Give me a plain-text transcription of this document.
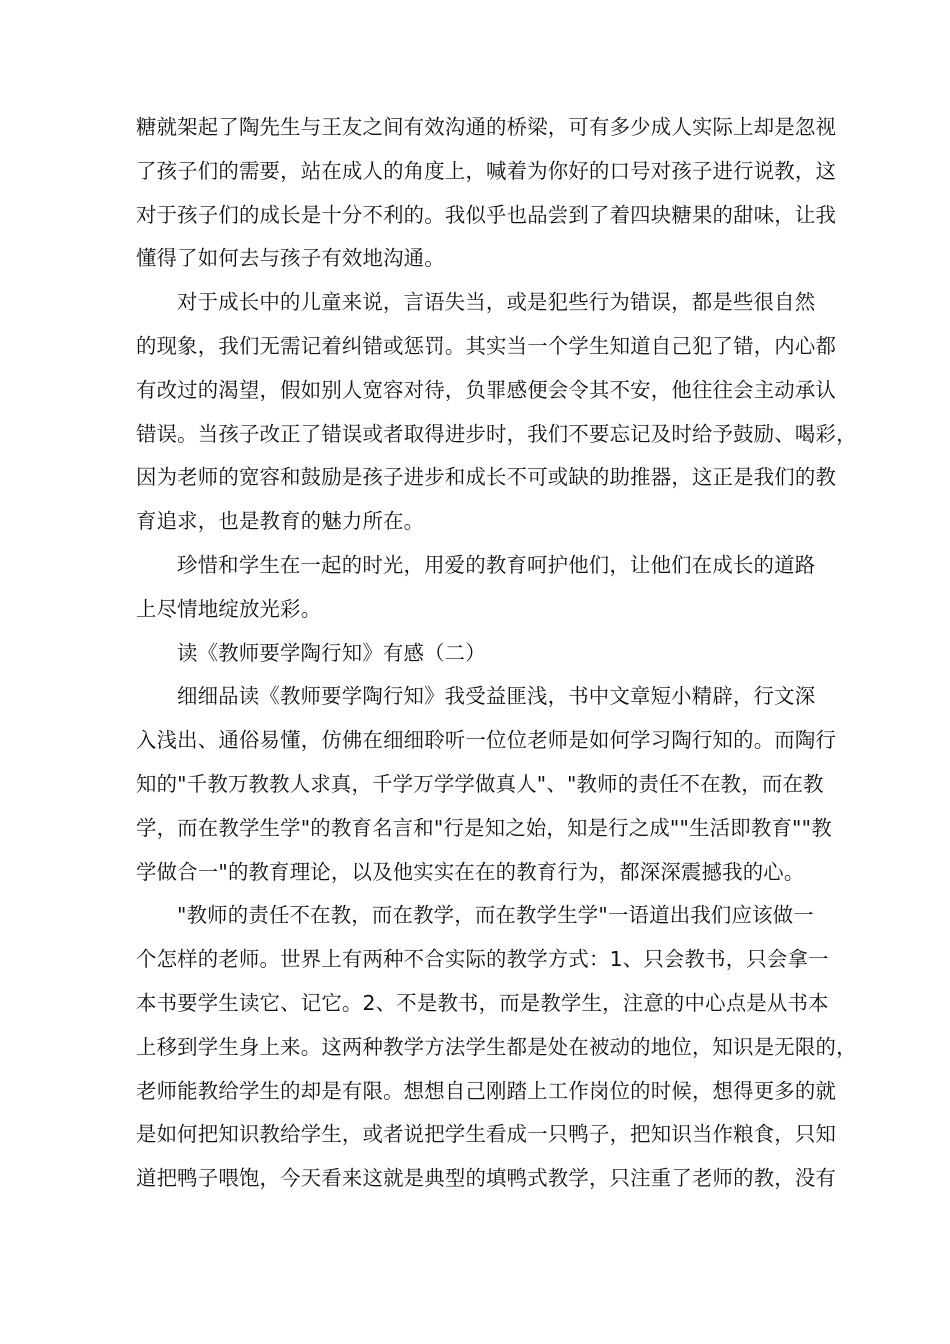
糖就架起了陶先生与王友之间有效沟通的桥梁，可有多少成人实际上却是忽视
了孩子们的需要，站在成人的角度上，喊着为你好的口号对孩子进行说教，这
对于孩子们的成长是十分不利的。我似乎也品尝到了着四块糖果的甜味，让我
懂得了如何去与孩子有效地沟通。
对于成长中的儿童来说，言语失当，或是犯些行为错误，都是些很自然
的现象，我们无需记着纠错或惩罚。其实当一个学生知道自己犯了错，内心都
有改过的渴望，假如别人宽容对待，负罪感便会令其不安，他往往会主动承认
错误。当孩子改正了错误或者取得进步时，我们不要忘记及时给予鼓励、喝彩，
因为老师的宽容和鼓励是孩子进步和成长不可或缺的助推器，这正是我们的教
育追求，也是教育的魅力所在。
珍惜和学生在一起的时光，用爱的教育呵护他们，让他们在成长的道路
上尽情地绽放光彩。
读《教师要学陶行知》有感（二）
细细品读《教师要学陶行知》我受益匪浅，书中文章短小精辟，行文深
入浅出、通俗易懂，仿佛在细细聆听一位位老师是如何学习陶行知的。而陶行
知的"千教万教教人求真，千学万学学做真人"、"教师的责任不在教，而在教
学，而在教学生学"的教育名言和"行是知之始，知是行之成""生活即教育""教
学做合一"的教育理论，以及他实实在在的教育行为，都深深震撼我的心。
"教师的责任不在教，而在教学，而在教学生学"一语道出我们应该做一
个怎样的老师。世界上有两种不合实际的教学方式：1、只会教书，只会拿一
本书要学生读它、记它。2、不是教书，而是教学生，注意的中心点是从书本
上移到学生身上来。这两种教学方法学生都是处在被动的地位，知识是无限的，
老师能教给学生的却是有限。想想自己刚踏上工作岗位的时候，想得更多的就
是如何把知识教给学生，或者说把学生看成一只鸭子，把知识当作粮食，只知
道把鸭子喂饱，今天看来这就是典型的填鸭式教学，只注重了老师的教，没有
